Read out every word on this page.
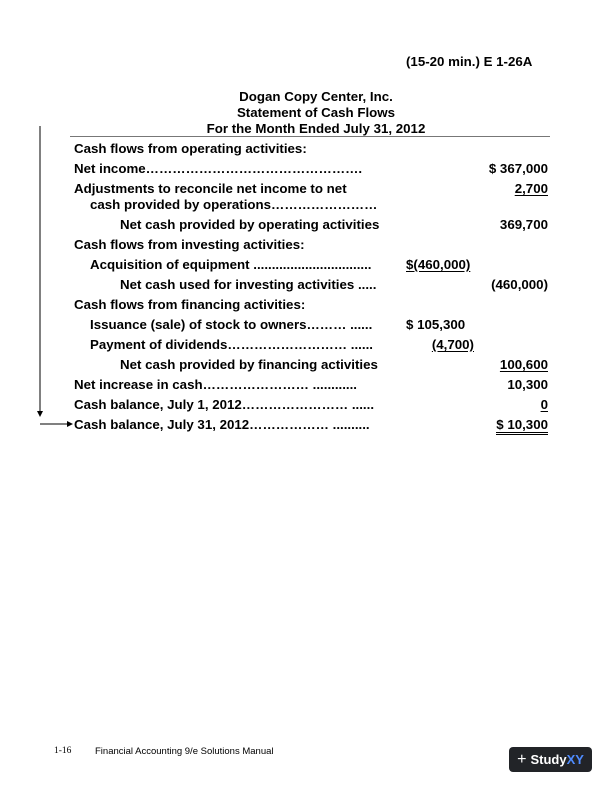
(15-20 min.) E 1-26A
Dogan Copy Center, Inc.
Statement of Cash Flows
For the Month Ended July 31, 2012
Cash flows from operating activities:
Net income………………………………………….	$ 367,000
Adjustments to reconcile net income to net	2,700
cash provided by operations……………………
Net cash provided by operating activities	369,700
Cash flows from investing activities:
Acquisition of equipment ................................	$(460,000)
Net cash used for investing activities .....	(460,000)
Cash flows from financing activities:
Issuance (sale) of stock to owners……… ......	$ 105,300
Payment of dividends……………………… ......	(4,700)
Net cash provided by financing activities	100,600
Net increase in cash…………………… ............	10,300
Cash balance, July 1, 2012…………………… ......	0
Cash balance, July 31, 2012……………… ..........	$ 10,300
1-16 Financial Accounting 9/e Solutions Manual	+ StudyXY
